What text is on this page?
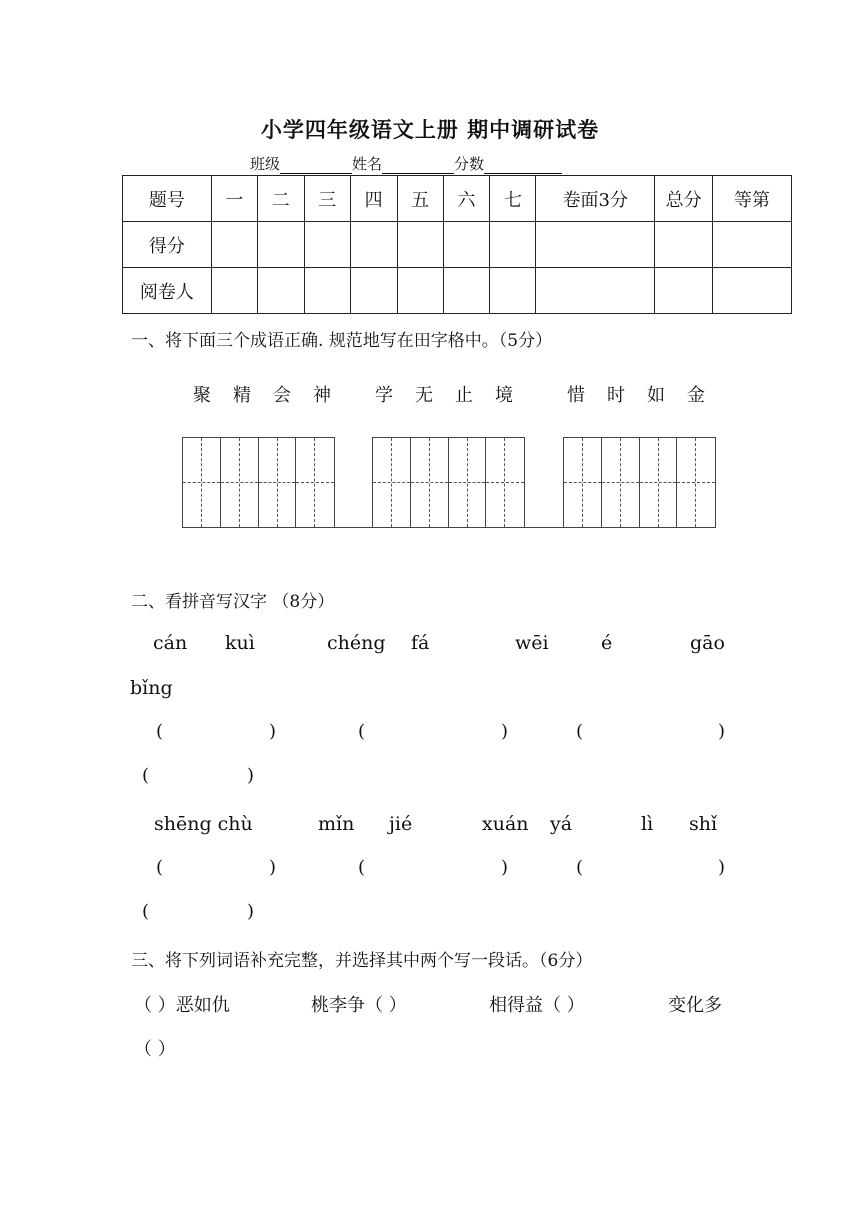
小学四年级语文上册 期中调研试卷
班级	姓名	分数
题号	一	二	三	四	五	六	七	卷面3分	总分	等第
得分										
阅卷人										
一、将下面三个成语正确. 规范地写在田字格中。（5分）
聚 精 会 神	学 无 止 境	惜 时 如 金
二、看拼音写汉字 （8分）
cán kuì	chéng fá	wēi	é	gāo
bǐng
(	)	(	)	(	)
(	)
shēng chù	mǐn jié	xuán yá	lì shǐ
(	)	(	)	(	)
(	)
三、将下列词语补充完整，并选择其中两个写一段话。（6分）
（ ）恶如仇	桃李争（ ）	相得益（ ）	变化多
（ ）
